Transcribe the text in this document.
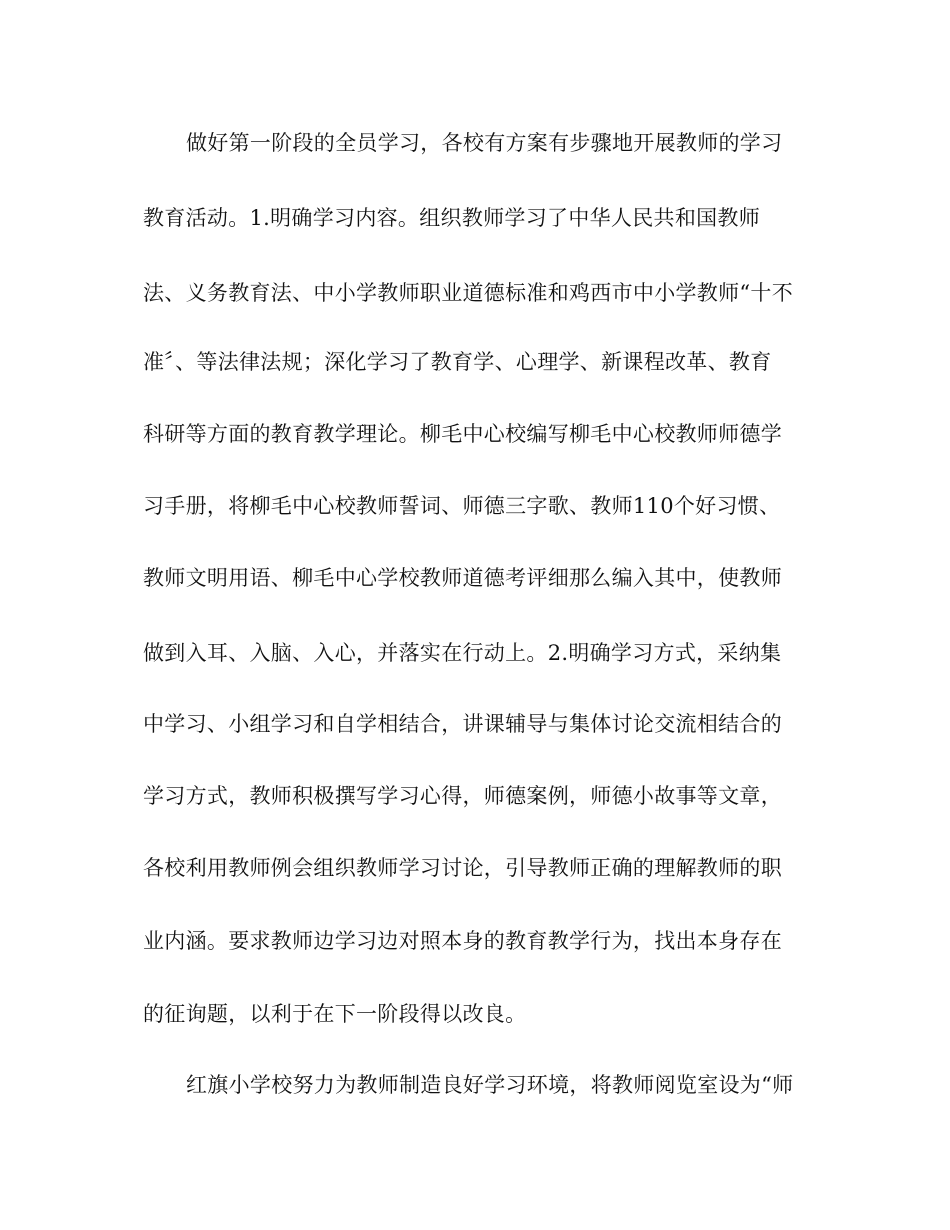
做好第一阶段的全员学习，各校有方案有步骤地开展教师的学习

教育活动。1.明确学习内容。组织教师学习了中华人民共和国教师

法、义务教育法、中小学教师职业道德标准和鸡西市中小学教师“十不

准〞、等法律法规；深化学习了教育学、心理学、新课程改革、教育

科研等方面的教育教学理论。柳毛中心校编写柳毛中心校教师师德学

习手册，将柳毛中心校教师誓词、师德三字歌、教师110个好习惯、

教师文明用语、柳毛中心学校教师道德考评细那么编入其中，使教师

做到入耳、入脑、入心，并落实在行动上。2.明确学习方式，采纳集

中学习、小组学习和自学相结合，讲课辅导与集体讨论交流相结合的

学习方式，教师积极撰写学习心得，师德案例，师德小故事等文章，

各校利用教师例会组织教师学习讨论，引导教师正确的理解教师的职

业内涵。要求教师边学习边对照本身的教育教学行为，找出本身存在

的征询题，以利于在下一阶段得以改良。

红旗小学校努力为教师制造良好学习环境，将教师阅览室设为“师
